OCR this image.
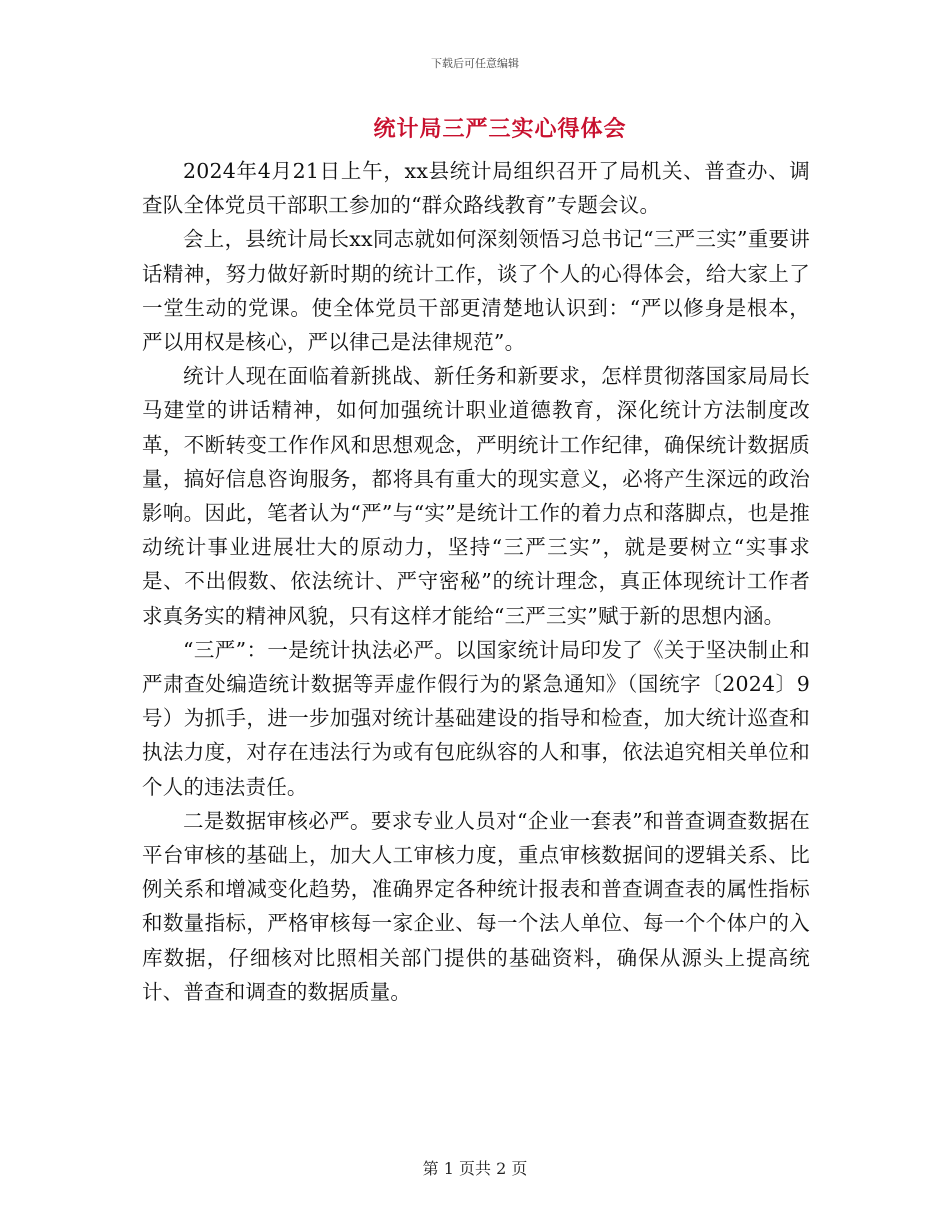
下载后可任意编辑
统计局三严三实心得体会

2024年4月21日上午，xx县统计局组织召开了局机关、普查办、调查队全体党员干部职工参加的“群众路线教育”专题会议。

会上，县统计局长xx同志就如何深刻领悟习总书记“三严三实”重要讲话精神，努力做好新时期的统计工作，谈了个人的心得体会，给大家上了一堂生动的党课。使全体党员干部更清楚地认识到：“严以修身是根本，严以用权是核心，严以律己是法律规范”。

统计人现在面临着新挑战、新任务和新要求，怎样贯彻落国家局局长马建堂的讲话精神，如何加强统计职业道德教育，深化统计方法制度改革，不断转变工作作风和思想观念，严明统计工作纪律，确保统计数据质量，搞好信息咨询服务，都将具有重大的现实意义，必将产生深远的政治影响。因此，笔者认为“严”与“实”是统计工作的着力点和落脚点，也是推动统计事业进展壮大的原动力，坚持“三严三实”，就是要树立“实事求是、不出假数、依法统计、严守密秘”的统计理念，真正体现统计工作者求真务实的精神风貌，只有这样才能给“三严三实”赋于新的思想内涵。

“三严”：一是统计执法必严。以国家统计局印发了《关于坚决制止和严肃查处编造统计数据等弄虚作假行为的紧急通知》（国统字〔2024〕9号）为抓手，进一步加强对统计基础建设的指导和检查，加大统计巡查和执法力度，对存在违法行为或有包庇纵容的人和事，依法追究相关单位和个人的违法责任。

二是数据审核必严。要求专业人员对“企业一套表”和普查调查数据在平台审核的基础上，加大人工审核力度，重点审核数据间的逻辑关系、比例关系和增减变化趋势，准确界定各种统计报表和普查调查表的属性指标和数量指标，严格审核每一家企业、每一个法人单位、每一个个体户的入库数据，仔细核对比照相关部门提供的基础资料，确保从源头上提高统计、普查和调查的数据质量。

第 1 页共 2 页
